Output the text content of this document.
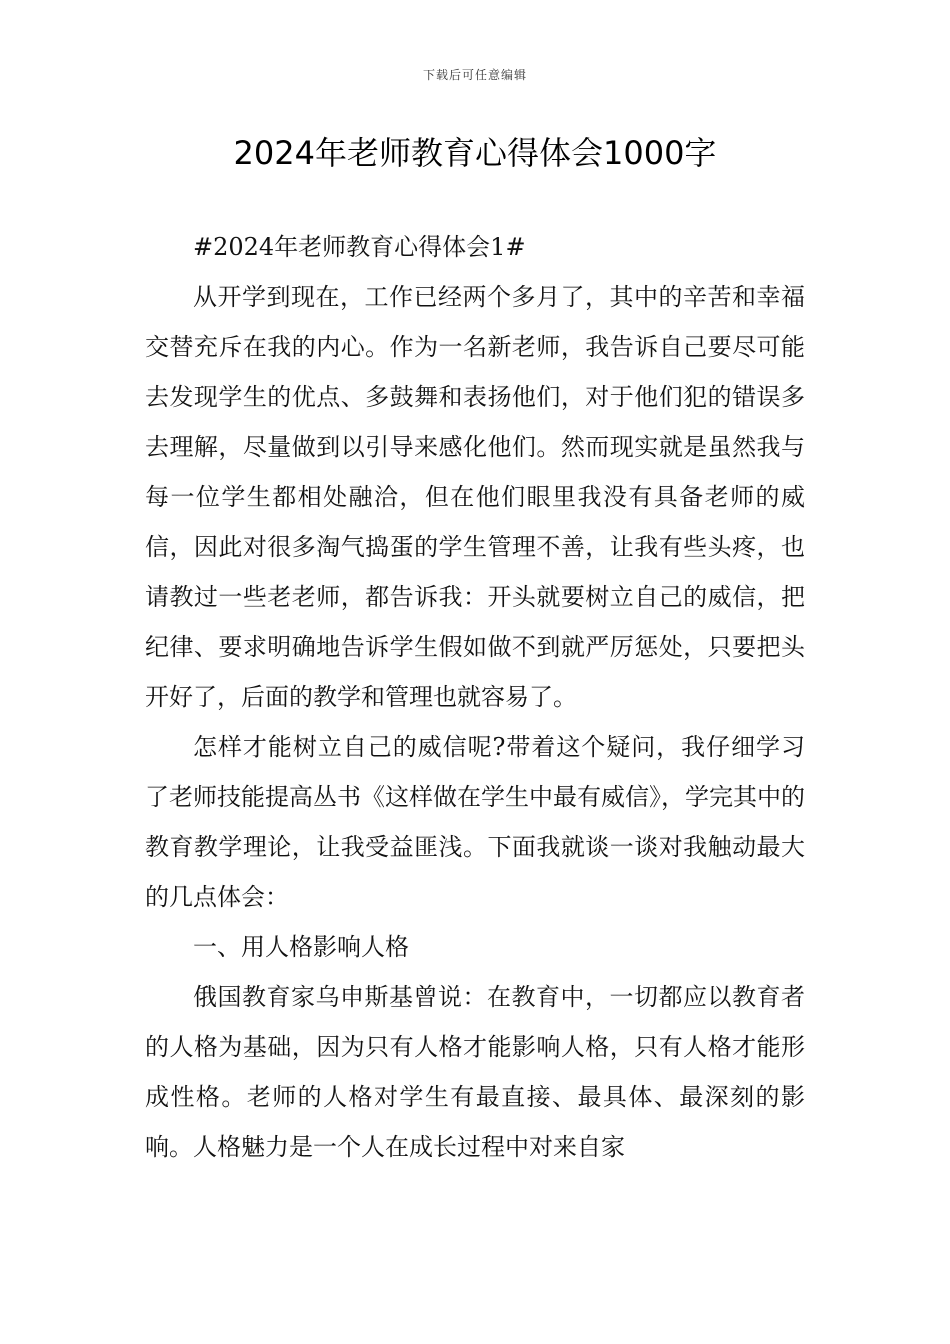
下载后可任意编辑
2024年老师教育心得体会1000字

#2024年老师教育心得体会1#

从开学到现在，工作已经两个多月了，其中的辛苦和幸福交替充斥在我的内心。作为一名新老师，我告诉自己要尽可能去发现学生的优点、多鼓舞和表扬他们，对于他们犯的错误多去理解，尽量做到以引导来感化他们。然而现实就是虽然我与每一位学生都相处融洽，但在他们眼里我没有具备老师的威信，因此对很多淘气捣蛋的学生管理不善，让我有些头疼，也请教过一些老老师，都告诉我：开头就要树立自己的威信，把纪律、要求明确地告诉学生假如做不到就严厉惩处，只要把头开好了，后面的教学和管理也就容易了。

怎样才能树立自己的威信呢?带着这个疑问，我仔细学习了老师技能提高丛书《这样做在学生中最有威信》，学完其中的教育教学理论，让我受益匪浅。下面我就谈一谈对我触动最大的几点体会：

一、用人格影响人格

俄国教育家乌申斯基曾说：在教育中，一切都应以教育者的人格为基础，因为只有人格才能影响人格，只有人格才能形成性格。老师的人格对学生有最直接、最具体、最深刻的影响。人格魅力是一个人在成长过程中对来自家
